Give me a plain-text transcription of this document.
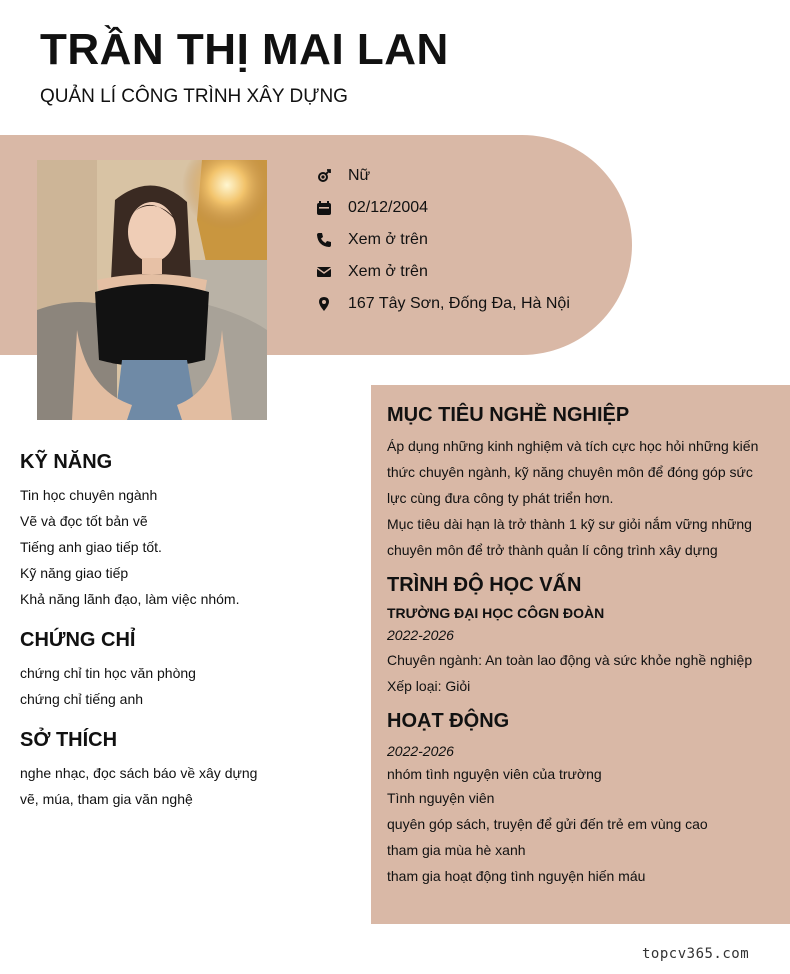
TRẦN THỊ MAI LAN

QUẢN LÍ CÔNG TRÌNH XÂY DỰNG

Nữ
02/12/2004
Xem ở trên
Xem ở trên
167 Tây Sơn, Đống Đa, Hà Nội
KỸ NĂNG
Tin học chuyên ngành
Vẽ và đọc tốt bản vẽ
Tiếng anh giao tiếp tốt.
Kỹ năng giao tiếp
Khả năng lãnh đạo, làm việc nhóm.
CHỨNG CHỈ
chứng chỉ tin học văn phòng
chứng chỉ tiếng anh
SỞ THÍCH
nghe nhạc, đọc sách báo về xây dựng
vẽ, múa, tham gia văn nghệ
MỤC TIÊU NGHỀ NGHIỆP

Áp dụng những kinh nghiệm và tích cực học hỏi những kiến thức chuyên ngành, kỹ năng chuyên môn để đóng góp sức lực cùng đưa công ty phát triển hơn.

Mục tiêu dài hạn là trở thành 1 kỹ sư giỏi nắm vững những chuyên môn để trở thành quản lí công trình xây dựng

TRÌNH ĐỘ HỌC VẤN

TRƯỜNG ĐẠI HỌC CÔGN ĐOÀN

2022-2026

Chuyên ngành: An toàn lao động và sức khỏe nghề nghiệp

Xếp loại: Giỏi

HOẠT ĐỘNG

2022-2026

nhóm tình nguyện viên của trường
Tình nguyện viên
quyên góp sách, truyện để gửi đến trẻ em vùng cao
tham gia mùa hè xanh
tham gia hoạt động tình nguyện hiến máu
topcv365.com
